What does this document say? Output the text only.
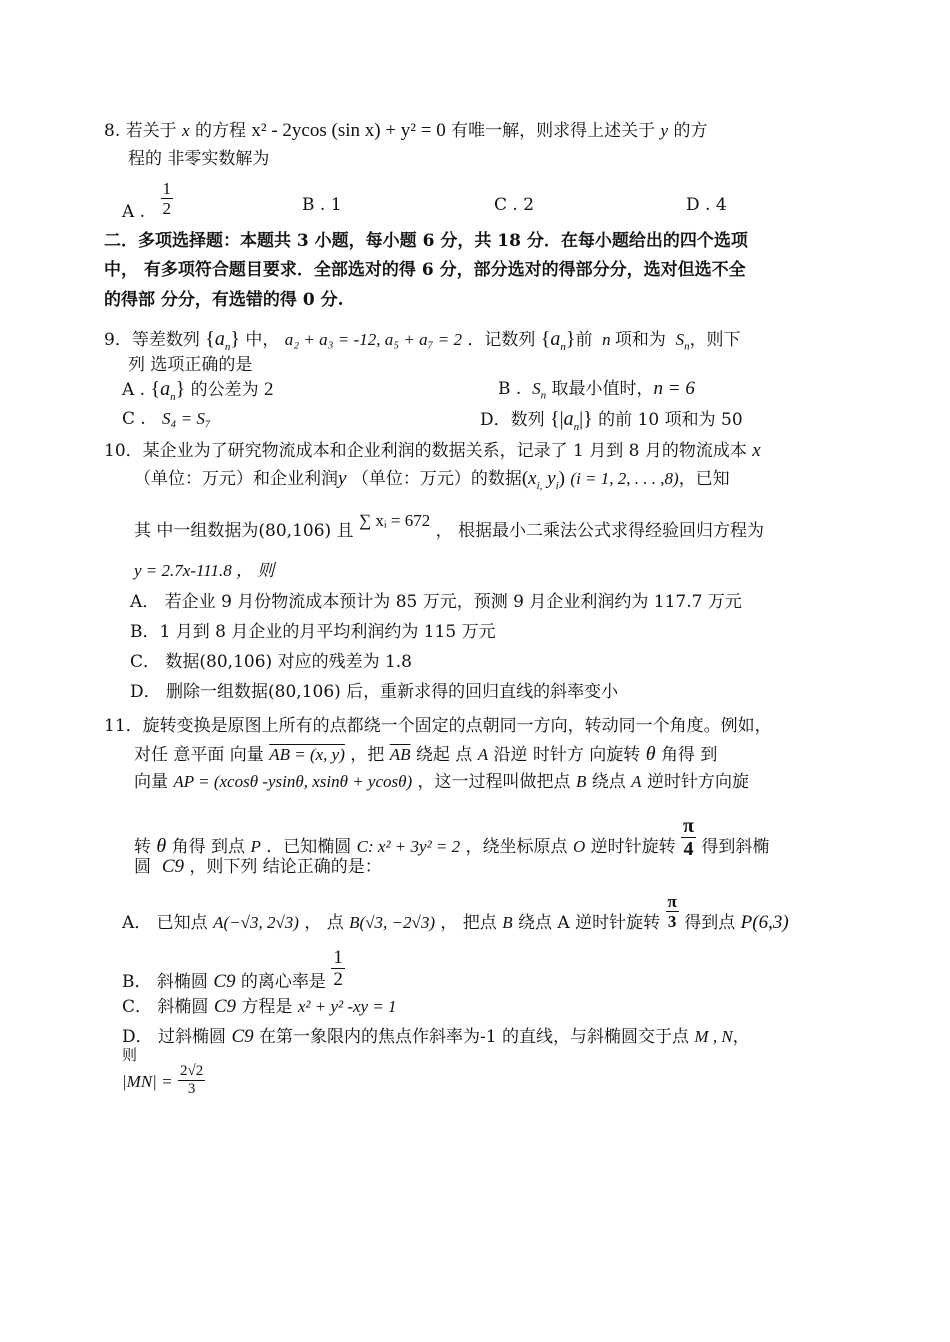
8. 若关于 x 的方程 x² - 2ycos (sin x) + y² = 0 有唯一解，则求得上述关于 y 的方
程的 非零实数解为
A . $\frac{1}{2}$	B . 1	C . 2	D . 4
二．多项选择题：本题共 3 小题，每小题 6 分，共 18 分．在每小题给出的四个选项
中， 有多项符合题目要求．全部选对的得 6 分，部分选对的得部分分，选对但选不全
的得部 分分，有选错的得 0 分.
9．等差数列 $\{a_n\}$ 中， a₂ + a₃ = -12, a₅ + a₇ = 2 ．记数列 $\{a_n\}$前  n 项和为  $S_n$，则下
列 选项正确的是
A . $\{a_n\}$ 的公差为 2	B . $S_n$ 取最小值时，n = 6
C . S₄ = S₇	D．数列 $\{|a_n|\}$ 的前 10 项和为 50
10．某企业为了研究物流成本和企业利润的数据关系，记录了 1 月到 8 月的物流成本 x
（单位：万元）和企业利润y （单位：万元）的数据($x_{i,}$ $y_i$) (i = 1, 2, . . . ,8)，已知
其 中一组数据为(80,106) 且 ∑ xᵢ = 672 ， 根据最小二乘法公式求得经验回归方程为
y = 2.7x-111.8 ， 则
A． 若企业 9 月份物流成本预计为 85 万元，预测 9 月企业利润约为 117.7 万元
B．1 月到 8 月企业的月平均利润约为 115 万元
C． 数据(80,106) 对应的残差为 1.8
D． 删除一组数据(80,106) 后，重新求得的回归直线的斜率变小
11．旋转变换是原图上所有的点都绕一个固定的点朝同一方向，转动同一个角度。例如，
对任 意平面 向量 AB = (x, y) ，把 $\overline{AB}$ 绕起 点 A 沿逆 时针方 向旋转 θ 角得 到
向量 AP = (xcosθ -ysinθ, xsinθ + ycosθ) ，这一过程叫做把点 B 绕点 A 逆时针方向旋
转 θ 角得 到点 P ．已知椭圆 C: x² + 3y² = 2 ，绕坐标原点 O 逆时针旋转 $\frac{\pi}{4}$ 得到斜椭
圆 C9 ，则下列 结论正确的是：
A． 已知点 A(−√3, 2√3) ， 点 B(√3, −2√3) ， 把点 B 绕点 A 逆时针旋转 $\frac{\pi}{3}$ 得到点 P(6,3)
B． 斜椭圆 C9 的离心率是 $\frac{1}{2}$
C． 斜椭圆 C9 方程是 x² + y² -xy = 1
D． 过斜椭圆 C9 在第一象限内的焦点作斜率为-1 的直线，与斜椭圆交于点 M , N，
则
$|MN| = \frac{2√2}{3}$
